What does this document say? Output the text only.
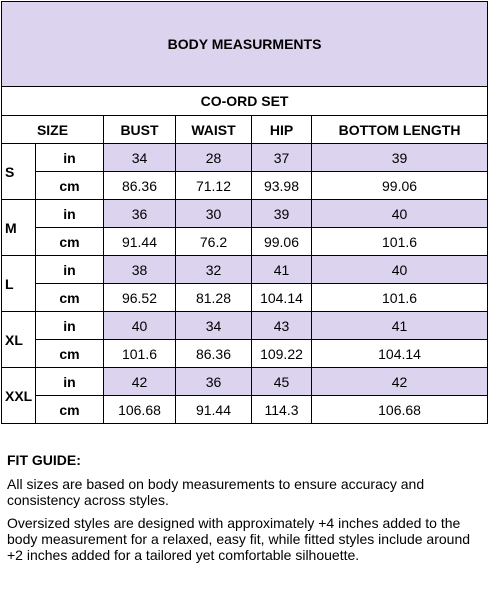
BODY MEASURMENTS					
CO-ORD SET					
SIZE		BUST	WAIST	HIP	BOTTOM LENGTH
S	in	34	28	37	39
	cm	86.36	71.12	93.98	99.06
M	in	36	30	39	40
	cm	91.44	76.2	99.06	101.6
L	in	38	32	41	40
	cm	96.52	81.28	104.14	101.6
XL	in	40	34	43	41
	cm	101.6	86.36	109.22	104.14
XXL	in	42	36	45	42
	cm	106.68	91.44	114.3	106.68
FIT GUIDE:

All sizes are based on body measurements to ensure accuracy and consistency across styles.

Oversized styles are designed with approximately +4 inches added to the body measurement for a relaxed, easy fit, while fitted styles include around +2 inches added for a tailored yet comfortable silhouette.
